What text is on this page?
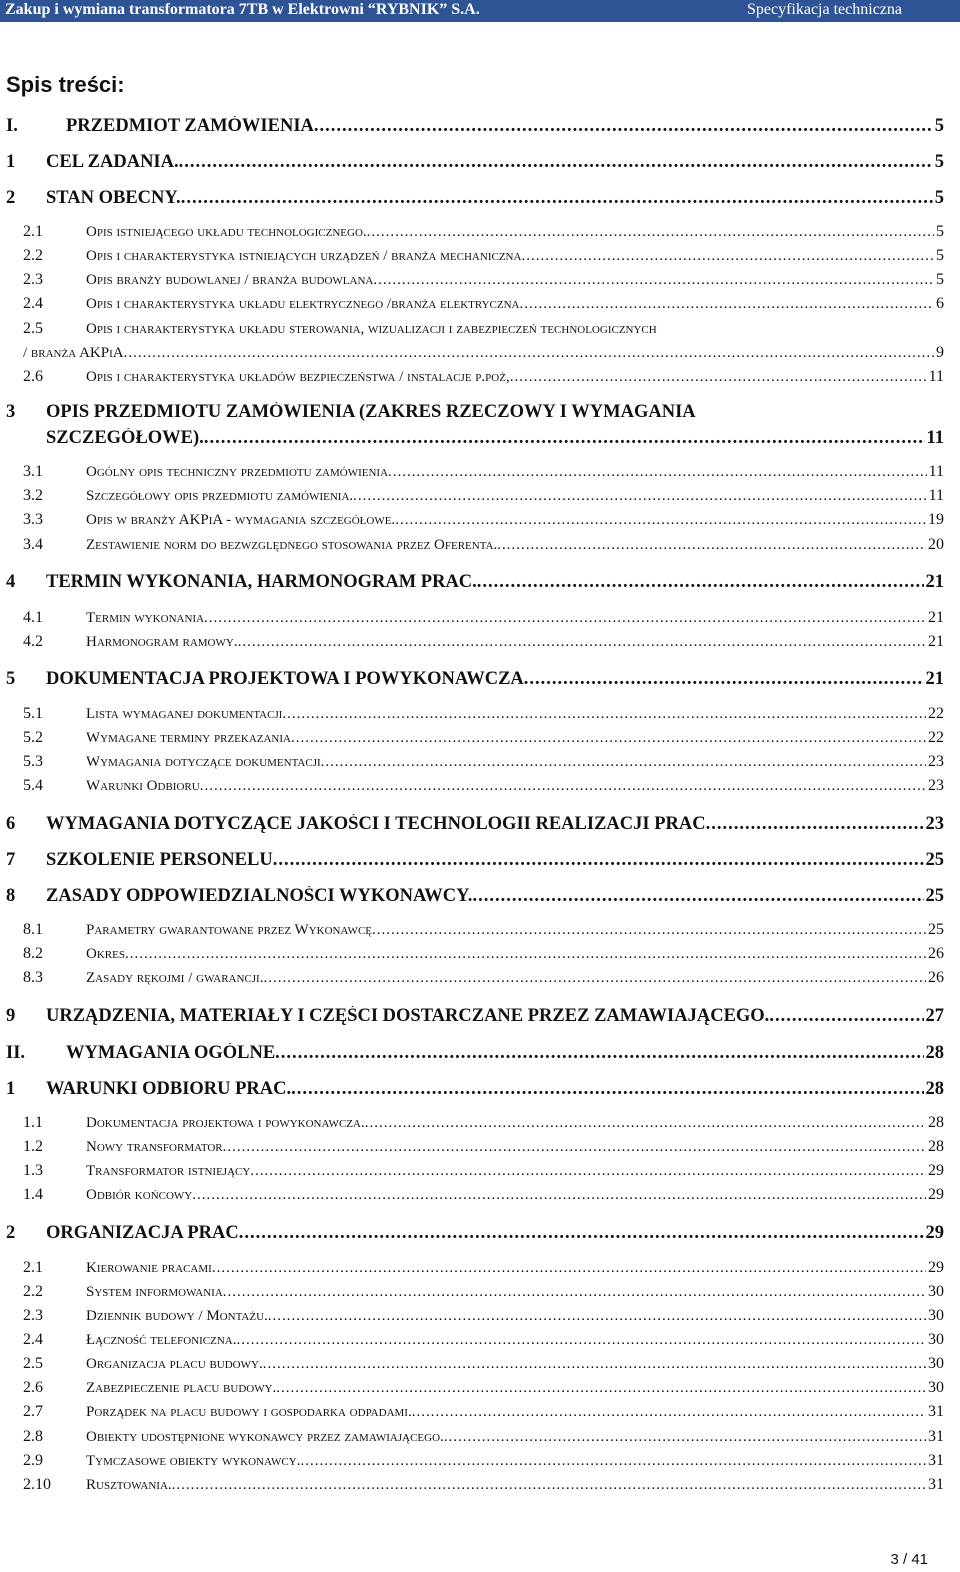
Zakup i wymiana transformatora 7TB w Elektrowni “RYBNIK” S.A.	Specyfikacja techniczna
Spis treści:
I.	PRZEDMIOT ZAMÓWIENIA .....	5
1	CEL ZADANIA. .....	5
2	STAN OBECNY. .....	5
2.1	Opis istniejącego układu technologicznego. .....	5
2.2	Opis i charakterystyka istniejących urządzeń / branża mechaniczna .....	5
2.3	Opis branży budowlanej / branża budowlana .....	5
2.4	Opis i charakterystyka układu elektrycznego /branża elektryczna .....	6
2.5	Opis i charakterystyka układu sterowania, wizualizacji i zabezpieczeń technologicznych
/ branża AKPiA .....	9
2.6	Opis i charakterystyka układów bezpieczeństwa / instalacje p.poż, .....	11
3	OPIS PRZEDMIOTU ZAMÓWIENIA (ZAKRES RZECZOWY I WYMAGANIA
SZCZEGÓŁOWE). .....	11
3.1	Ogólny opis techniczny przedmiotu zamówienia .....	11
3.2	Szczegółowy opis przedmiotu zamówienia. .....	11
3.3	Opis w branży AKPiA - wymagania szczegółowe. .....	19
3.4	Zestawienie norm do bezwzględnego stosowania przez Oferenta. .....	20
4	TERMIN WYKONANIA, HARMONOGRAM PRAC. .....	21
4.1	Termin wykonania .....	21
4.2	Harmonogram ramowy. .....	21
5	DOKUMENTACJA PROJEKTOWA I POWYKONAWCZA .....	21
5.1	Lista wymaganej dokumentacji .....	22
5.2	Wymagane terminy przekazania .....	22
5.3	Wymagania dotyczące dokumentacji .....	23
5.4	Warunki Odbioru .....	23
6	WYMAGANIA DOTYCZĄCE JAKOŚCI I TECHNOLOGII REALIZACJI PRAC .....	23
7	SZKOLENIE PERSONELU .....	25
8	ZASADY ODPOWIEDZIALNOŚCI WYKONAWCY. .....	25
8.1	Parametry gwarantowane przez Wykonawcę .....	25
8.2	Okres .....	26
8.3	Zasady rękojmi / gwarancji. .....	26
9	URZĄDZENIA, MATERIAŁY I CZĘŚCI DOSTARCZANE PRZEZ ZAMAWIAJĄCEGO. .....	27
II.	WYMAGANIA OGÓLNE .....	28
1	WARUNKI ODBIORU PRAC. .....	28
1.1	Dokumentacja projektowa i powykonawcza. .....	28
1.2	Nowy transformator .....	28
1.3	Transformator istniejący .....	29
1.4	Odbiór końcowy .....	29
2	ORGANIZACJA PRAC .....	29
2.1	Kierowanie pracami .....	29
2.2	System informowania .....	30
2.3	Dziennik budowy / Montażu. .....	30
2.4	Łączność telefoniczna. .....	30
2.5	Organizacja placu budowy. .....	30
2.6	Zabezpieczenie placu budowy. .....	30
2.7	Porządek na placu budowy i gospodarka odpadami. .....	31
2.8	Obiekty udostępnione wykonawcy przez zamawiającego. .....	31
2.9	Tymczasowe obiekty wykonawcy. .....	31
2.10	Rusztowania. .....	31
3 / 41
